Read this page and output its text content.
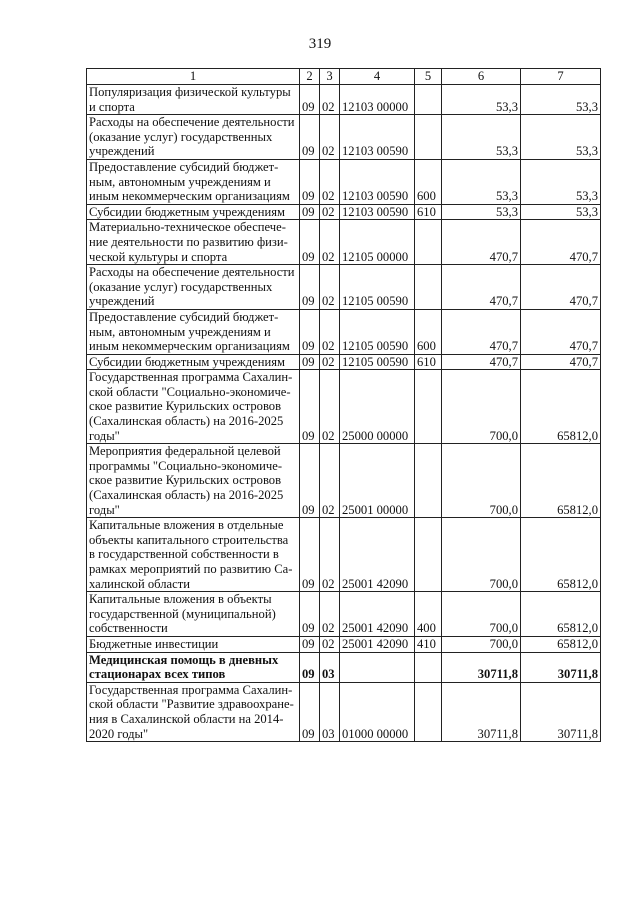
319
1	2	3	4	5	6	7

Популяризация физической культуры
и спорта	09	02	12103 00000		53,3	53,3

Расходы на обеспечение деятельности
(оказание услуг) государственных
учреждений	09	02	12103 00590		53,3	53,3

Предоставление субсидий бюджет-
ным, автономным учреждениям и
иным некоммерческим организациям	09	02	12103 00590	600	53,3	53,3

Субсидии бюджетным учреждениям	09	02	12103 00590	610	53,3	53,3

Материально-техническое обеспече-
ние деятельности по развитию физи-
ческой культуры и спорта	09	02	12105 00000		470,7	470,7

Расходы на обеспечение деятельности
(оказание услуг) государственных
учреждений	09	02	12105 00590		470,7	470,7

Предоставление субсидий бюджет-
ным, автономным учреждениям и
иным некоммерческим организациям	09	02	12105 00590	600	470,7	470,7

Субсидии бюджетным учреждениям	09	02	12105 00590	610	470,7	470,7

Государственная программа Сахалин-
ской области "Социально-экономиче-
ское развитие Курильских островов
(Сахалинская область) на 2016-2025
годы"	09	02	25000 00000		700,0	65812,0

Мероприятия федеральной целевой
программы "Социально-экономиче-
ское развитие Курильских островов
(Сахалинская область) на 2016-2025
годы"	09	02	25001 00000		700,0	65812,0

Капитальные вложения в отдельные
объекты капитального строительства
в государственной собственности в
рамках мероприятий по развитию Са-
халинской области	09	02	25001 42090		700,0	65812,0

Капитальные вложения в объекты
государственной (муниципальной)
собственности	09	02	25001 42090	400	700,0	65812,0

Бюджетные инвестиции	09	02	25001 42090	410	700,0	65812,0

Медицинская помощь в дневных
стационарах всех типов	09	03			30711,8	30711,8

Государственная программа Сахалин-
ской области "Развитие здравоохране-
ния в Сахалинской области на 2014-
2020 годы"	09	03	01000 00000		30711,8	30711,8
